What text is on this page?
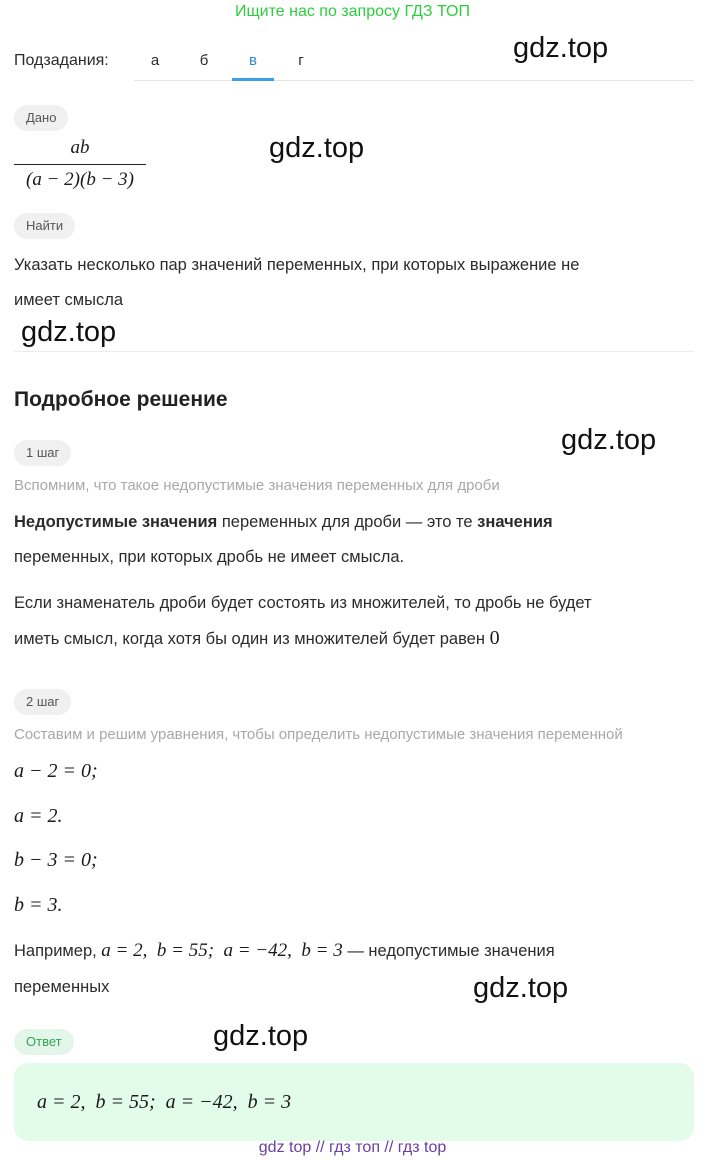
Ищите нас по запросу ГДЗ ТОП
Подзадания:	а	б	в	г	gdz.top
gdz.top
gdz.top
gdz.top
gdz.top
gdz.top
Дано
ab
(a − 2)(b − 3)
Найти
Указать несколько пар значений переменных, при которых выражение не
имеет смысла
Подробное решение
1 шаг
Вспомним, что такое недопустимые значения переменных для дроби
Недопустимые значения переменных для дроби — это те значения
переменных, при которых дробь не имеет смысла.
Если знаменатель дроби будет состоять из множителей, то дробь не будет
иметь смысл, когда хотя бы один из множителей будет равен 0
2 шаг
Составим и решим уравнения, чтобы определить недопустимые значения переменной
a − 2 = 0;
a = 2.
b − 3 = 0;
b = 3.
Например, a = 2,  b = 55;  a = −42,  b = 3 — недопустимые значения
переменных
Ответ
a = 2,  b = 55;  a = −42,  b = 3
gdz top // гдз топ // гдз top
